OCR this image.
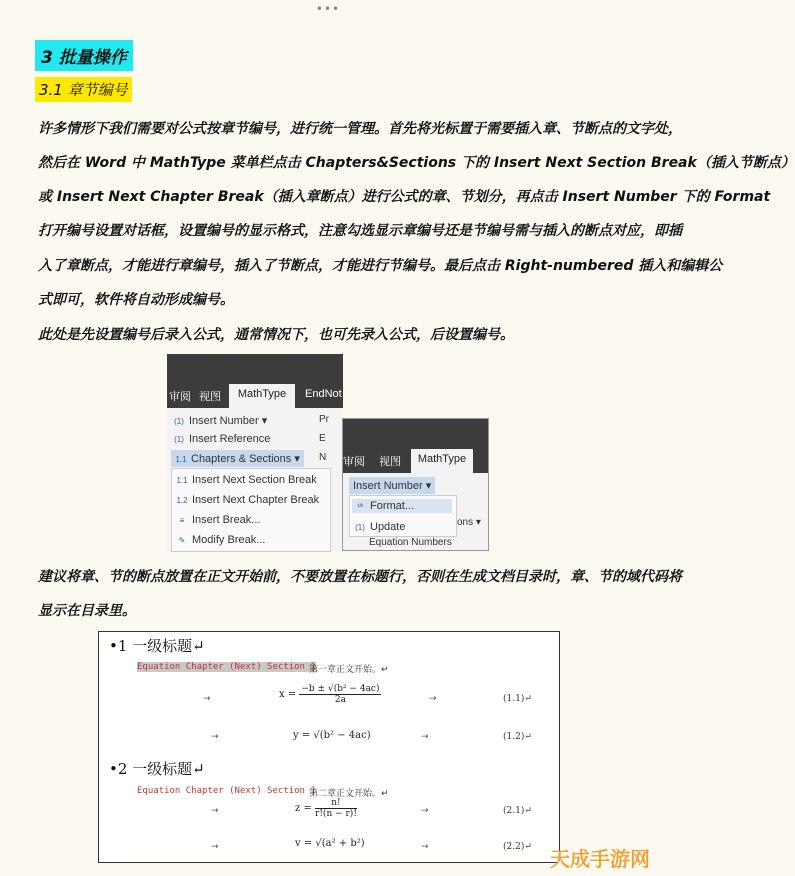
•••
3 批量操作
3.1 章节编号
许多情形下我们需要对公式按章节编号，进行统一管理。首先将光标置于需要插入章、节断点的文字处，
然后在 Word 中 MathType 菜单栏点击 Chapters&Sections 下的 Insert Next Section Break（插入节断点）
或 Insert Next Chapter Break（插入章断点）进行公式的章、节划分，再点击 Insert Number 下的 Format
打开编号设置对话框，设置编号的显示格式，注意勾选显示章编号还是节编号需与插入的断点对应，即插
入了章断点，才能进行章编号，插入了节断点，才能进行节编号。最后点击 Right-numbered 插入和编辑公
式即可，软件将自动形成编号。
此处是先设置编号后录入公式，通常情况下，也可先录入公式，后设置编号。
审阅 视图	MathType	EndNot
(1) Insert Number ▾
(1) Insert Reference
1.1 Chapters & Sections ▾
Pr
E
N
1.1 Insert Next Section Break
1.2 Insert Next Chapter Break
≡ Insert Break...
✎ Modify Break...
审阅 视图	MathType
Insert Number ▾
¹ª Format...
(1) Update	ons ▾
Equation Numbers
建议将章、节的断点放置在正文开始前，不要放置在标题行，否则在生成文档目录时，章、节的域代码将
显示在目录里。
•1 一级标题↵
Equation Chapter (Next) Section 1
第一章正文开始。↵
→	$x = \frac{\text{−b ± √(b² − 4ac)}}{2a}$	→	(1.1)↵
→	y = √(b² − 4ac)	→	(1.2)↵
•2 一级标题↵
Equation Chapter (Next) Section 1
第二章正文开始。↵
→	$z = \frac{n!}{r!(n - r)!}$	→	(2.1)↵
→	v = √(a² + b²)	→	(2.2)↵ 天成手游网
